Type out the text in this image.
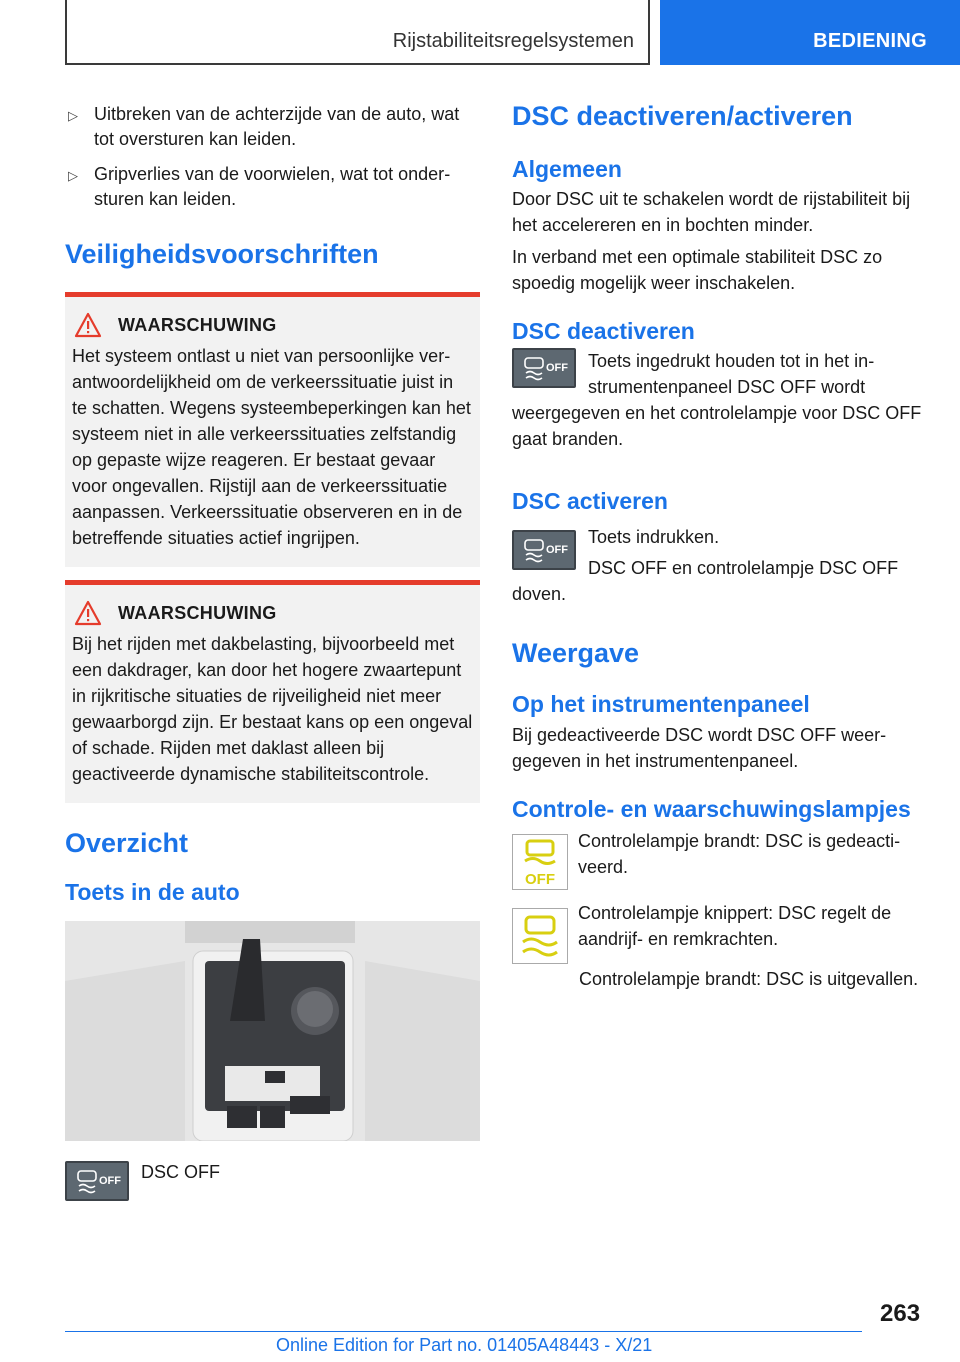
Rijstabiliteitsregelsystemen	BEDIENING
▷ Uitbreken van de achterzijde van de auto, wat tot oversturen kan leiden.
▷ Gripverlies van de voorwielen, wat tot ondersturen kan leiden.
Veiligheidsvoorschriften
WAARSCHUWING
Het systeem ontlast u niet van persoonlijke verantwoordelijkheid om de verkeerssituatie juist in te schatten. Wegens systeembeperkingen kan het systeem niet in alle verkeerssituaties zelfstandig op gepaste wijze reageren. Er bestaat gevaar voor ongevallen. Rijstijl aan de verkeerssituatie aanpassen. Verkeerssituatie observeren en in de betreffende situaties actief ingrijpen.
WAARSCHUWING
Bij het rijden met dakbelasting, bijvoorbeeld met een dakdrager, kan door het hogere zwaartepunt in rijkritische situaties de rijveiligheid niet meer gewaarborgd zijn. Er bestaat kans op een ongeval of schade. Rijden met daklast alleen bij geactiveerde dynamische stabiliteitscontrole.
Overzicht
Toets in de auto
OFF DSC OFF
DSC deactiveren/activeren
Algemeen

Door DSC uit te schakelen wordt de rijstabiliteit bij het accelereren en in bochten minder.

In verband met een optimale stabiliteit DSC zo spoedig mogelijk weer inschakelen.

DSC deactiveren
OFF	Toets ingedrukt houden tot in het instrumentenpaneel DSC OFF wordt weergegeven en het controlelampje voor DSC OFF gaat branden.

DSC activeren
OFF

Toets indrukken.

DSC OFF en controlelampje DSC OFF doven.

Weergave
Op het instrumentenpaneel

Bij gedeactiveerde DSC wordt DSC OFF weergegeven in het instrumentenpaneel.

Controle- en waarschuwingslampjes
OFF

Controlelampje brandt: DSC is gedeactiveerd.

Controlelampje knippert: DSC regelt de aandrijf- en remkrachten.

Controlelampje brandt: DSC is uitgevallen.

263
Online Edition for Part no. 01405A48443 - X/21
